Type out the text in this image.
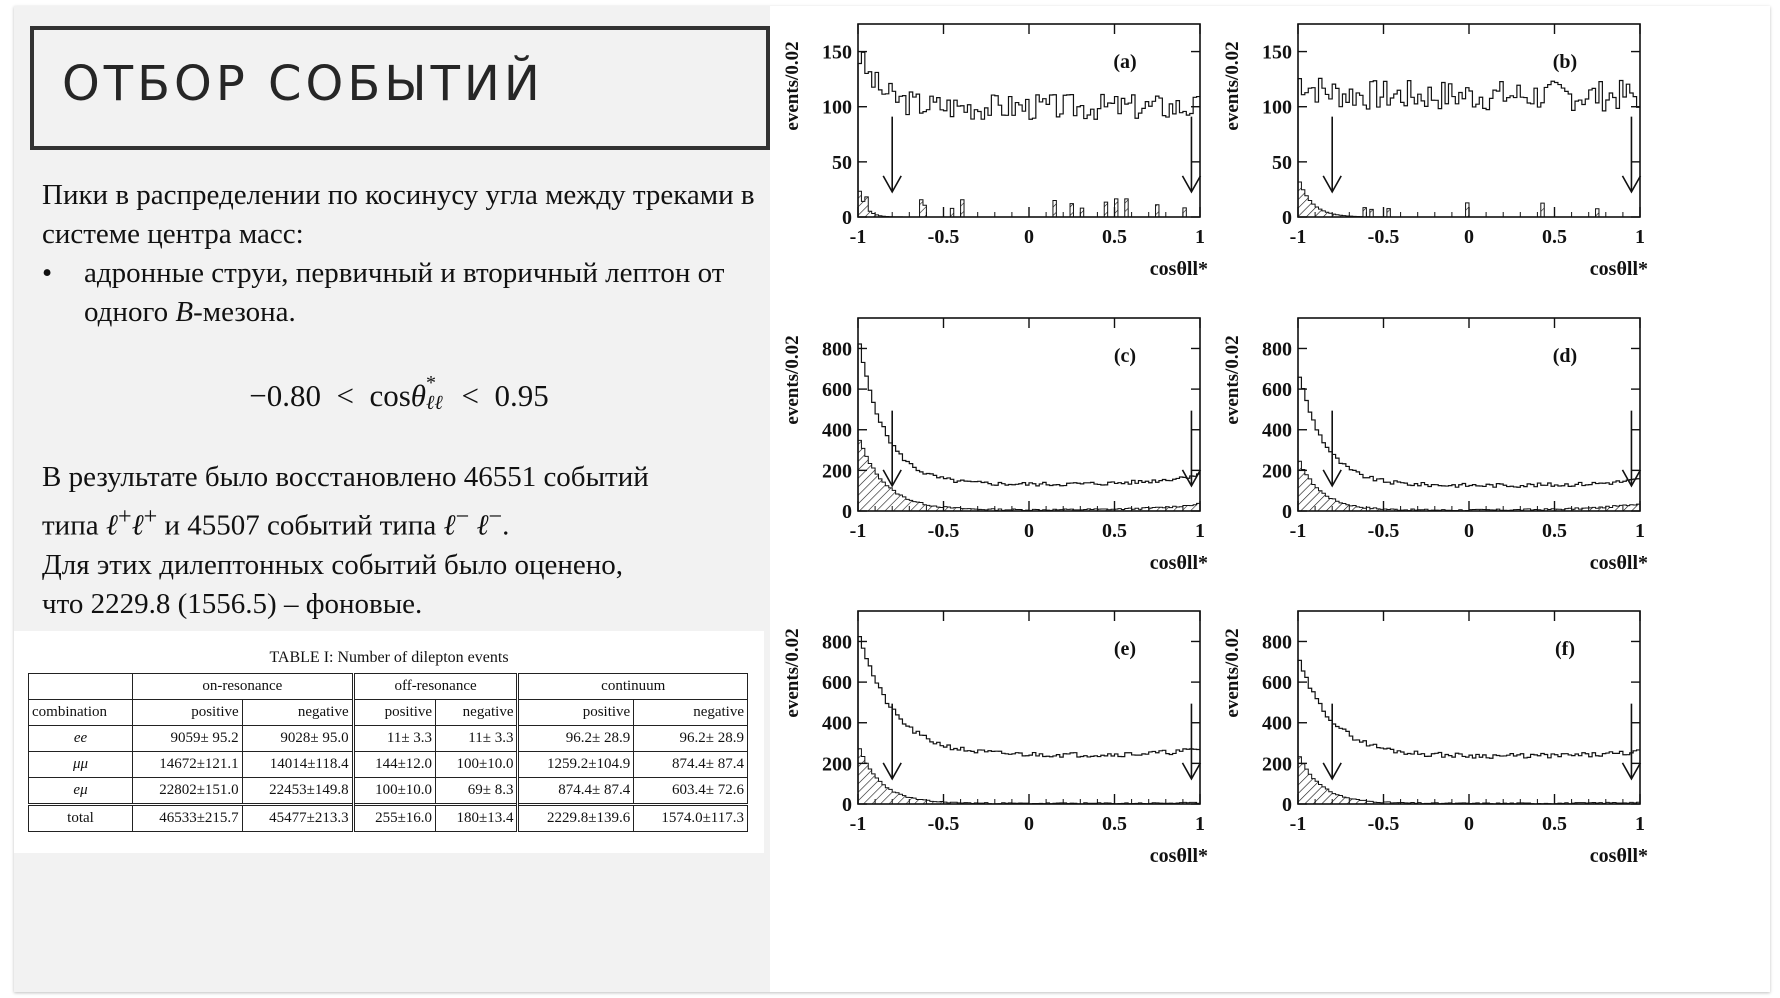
ОТБОР СОБЫТИЙ

Пики в распределении по косинусу угла между треками в системе центра масс:

•	адронные струи, первичный и вторичный лептон от одного B-мезона.
−0.80 < cosθ *
ℓℓ < 0.95

В результате было восстановлено 46551 событий

типа ℓ+ℓ+ и 45507 событий типа ℓ− ℓ−.

Для этих дилептонных событий было оценено,

что 2229.8 (1556.5) – фоновые.

TABLE I: Number of dilepton events
	on-resonance		off-resonance		continuum	
combination	positive	negative	positive	negative	positive	negative
ee	9059± 95.2	9028± 95.0	11± 3.3	11± 3.3	96.2± 28.9	96.2± 28.9
μμ	14672±121.1	14014±118.4	144±12.0	100±10.0	1259.2±104.9	874.4± 87.4
eμ	22802±151.0	22453±149.8	100±10.0	69± 8.3	874.4± 87.4	603.4± 72.6
total	46533±215.7	45477±213.3	255±16.0	180±13.4	2229.8±139.6	1574.0±117.3
0
50
100
150
-1	-0.5	0	0.5	1
(a)
events/0.02
cosθll*
0
50
100
150
-1	-0.5	0	0.5	1
(b)
events/0.02
cosθll*
0
200
400
600
800
-1	-0.5	0	0.5	1
(c)
events/0.02
cosθll*
0
200
400
600
800
-1	-0.5	0	0.5	1
(d)
events/0.02
cosθll*
0
200
400
600
800
-1	-0.5	0	0.5	1
(e)
events/0.02
cosθll*
0
200
400
600
800
-1	-0.5	0	0.5	1
(f)
events/0.02
cosθll*
